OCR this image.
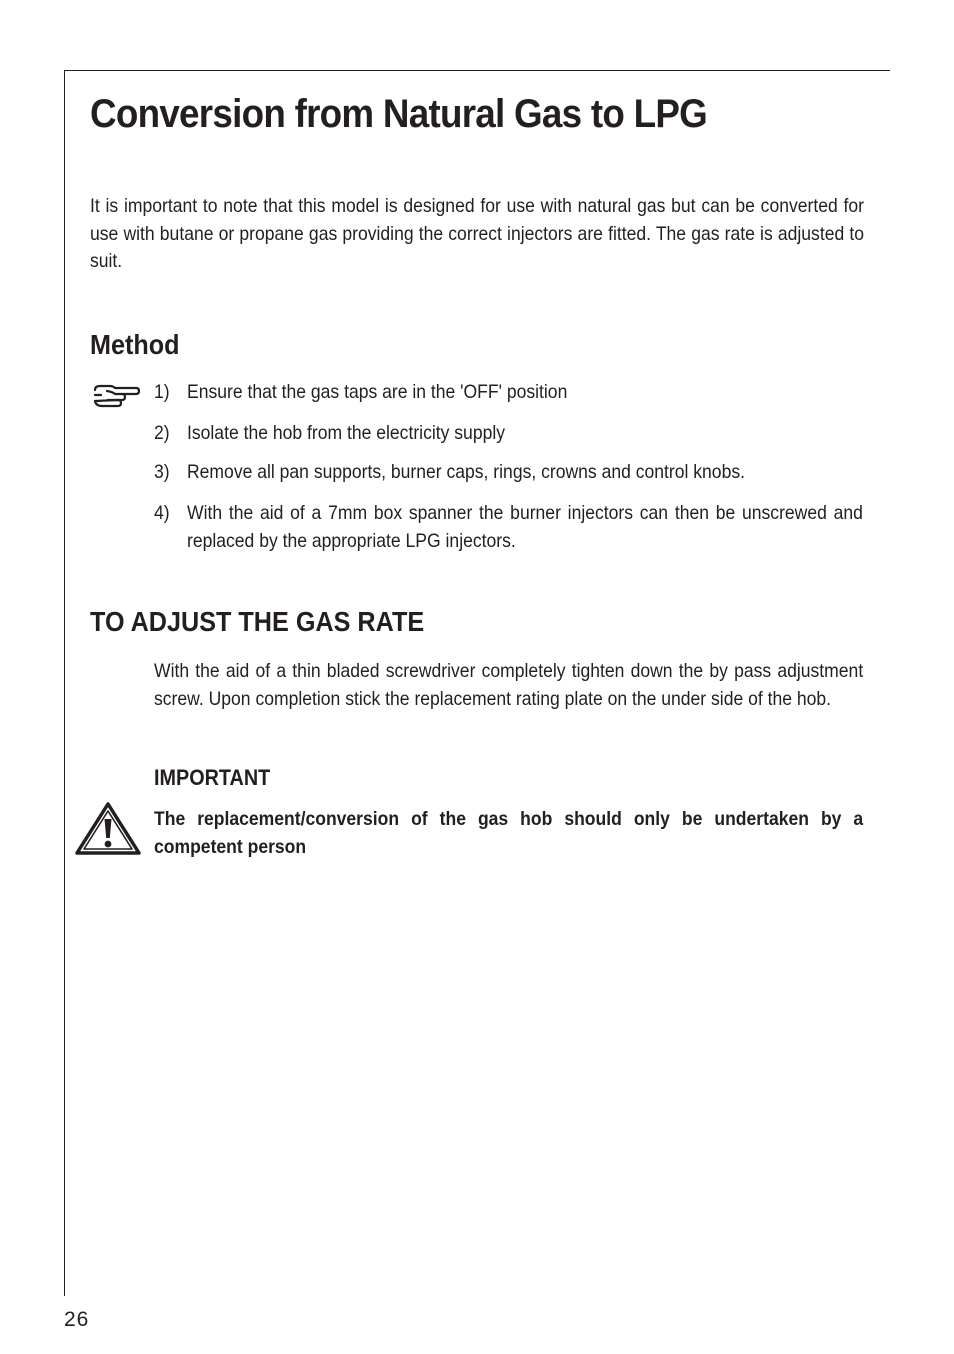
Conversion from Natural Gas to LPG

It is important to note that this model is designed for use with natural gas but can be converted for use with butane or propane gas providing the correct injectors are fitted. The gas rate is adjusted to suit.

Method
1) Ensure that the gas taps are in the 'OFF' position

2) Isolate the hob from the electricity supply

3) Remove all pan supports, burner caps, rings, crowns and control knobs.

4) With the aid of a 7mm box spanner the burner injectors can then be unscrewed and replaced by the appropriate LPG injectors.

TO ADJUST THE GAS RATE

With the aid of a thin bladed screwdriver completely tighten down the by pass adjustment screw. Upon completion stick the replacement rating plate on the under side of the hob.

IMPORTANT

The replacement/conversion of the gas hob should only be undertaken by a competent person

26
